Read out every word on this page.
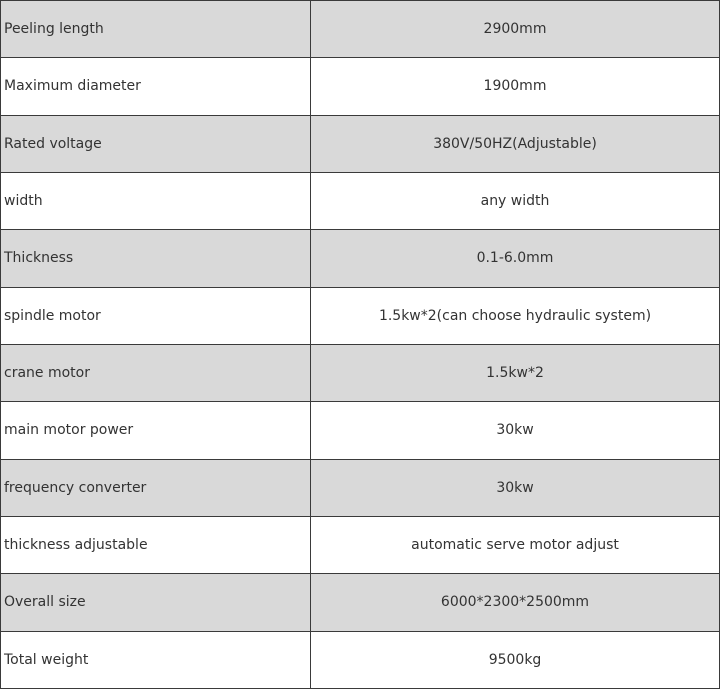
Peeling length	2900mm
Maximum diameter	1900mm
Rated voltage	380V/50HZ(Adjustable)
width	any width
Thickness	0.1-6.0mm
spindle motor	1.5kw*2(can choose hydraulic system)
crane motor	1.5kw*2
main motor power	30kw
frequency converter	30kw
thickness adjustable	automatic serve motor adjust
Overall size	6000*2300*2500mm
Total weight	9500kg
